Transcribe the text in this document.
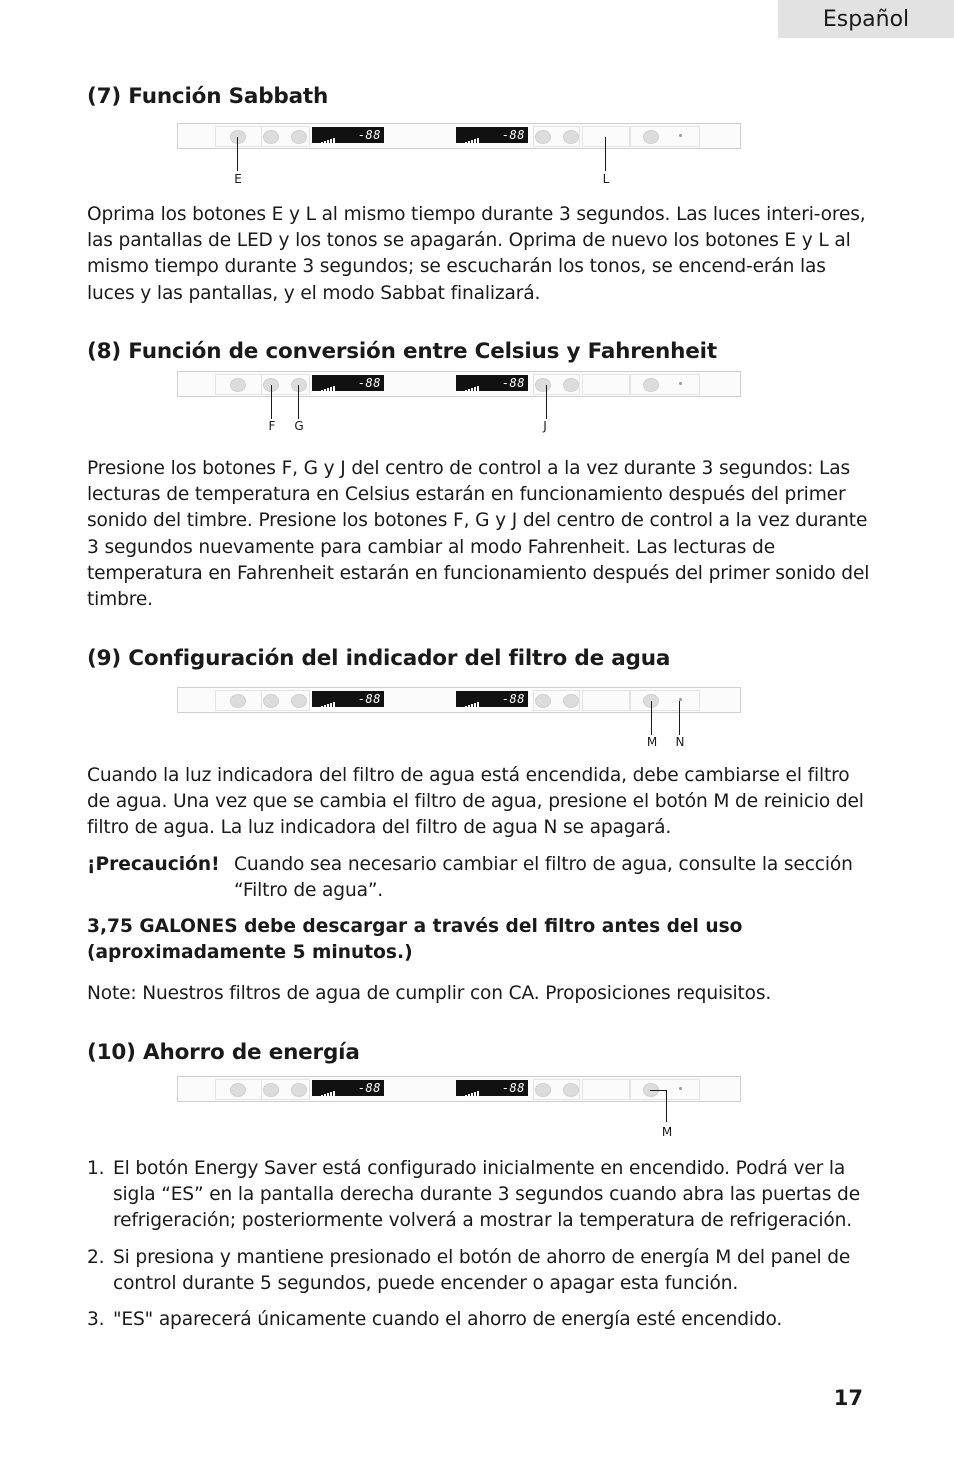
Español
(7) Función Sabbath
-88	-88
E	L

Oprima los botones E y L al mismo tiempo durante 3 segundos. Las luces interi-ores, las pantallas de LED y los tonos se apagarán. Oprima de nuevo los botones E y L al mismo tiempo durante 3 segundos; se escucharán los tonos, se encend-erán las luces y las pantallas, y el modo Sabbat finalizará.

(8) Función de conversión entre Celsius y Fahrenheit
-88	-88
F	G	J

Presione los botones F, G y J del centro de control a la vez durante 3 segundos: Las lecturas de temperatura en Celsius estarán en funcionamiento después del primer sonido del timbre. Presione los botones F, G y J del centro de control a la vez durante 3 segundos nuevamente para cambiar al modo Fahrenheit. Las lecturas de temperatura en Fahrenheit estarán en funcionamiento después del primer sonido del timbre.

(9) Configuración del indicador del filtro de agua
-88	-88
M	N

Cuando la luz indicadora del filtro de agua está encendida, debe cambiarse el filtro de agua. Una vez que se cambia el filtro de agua, presione el botón M de reinicio del filtro de agua. La luz indicadora del filtro de agua N se apagará.

¡Precaución! Cuando sea necesario cambiar el filtro de agua, consulte la sección “Filtro de agua”.
3,75 GALONES debe descargar a través del filtro antes del uso
(aproximadamente 5 minutos.)
Note: Nuestros filtros de agua de cumplir con CA. Proposiciones requisitos.
(10) Ahorro de energía
-88	-88
M
1. El botón Energy Saver está configurado inicialmente en encendido. Podrá ver la sigla “ES” en la pantalla derecha durante 3 segundos cuando abra las puertas de refrigeración; posteriormente volverá a mostrar la temperatura de refrigeración.
2. Si presiona y mantiene presionado el botón de ahorro de energía M del panel de control durante 5 segundos, puede encender o apagar esta función.
3. "ES" aparecerá únicamente cuando el ahorro de energía esté encendido.
17
